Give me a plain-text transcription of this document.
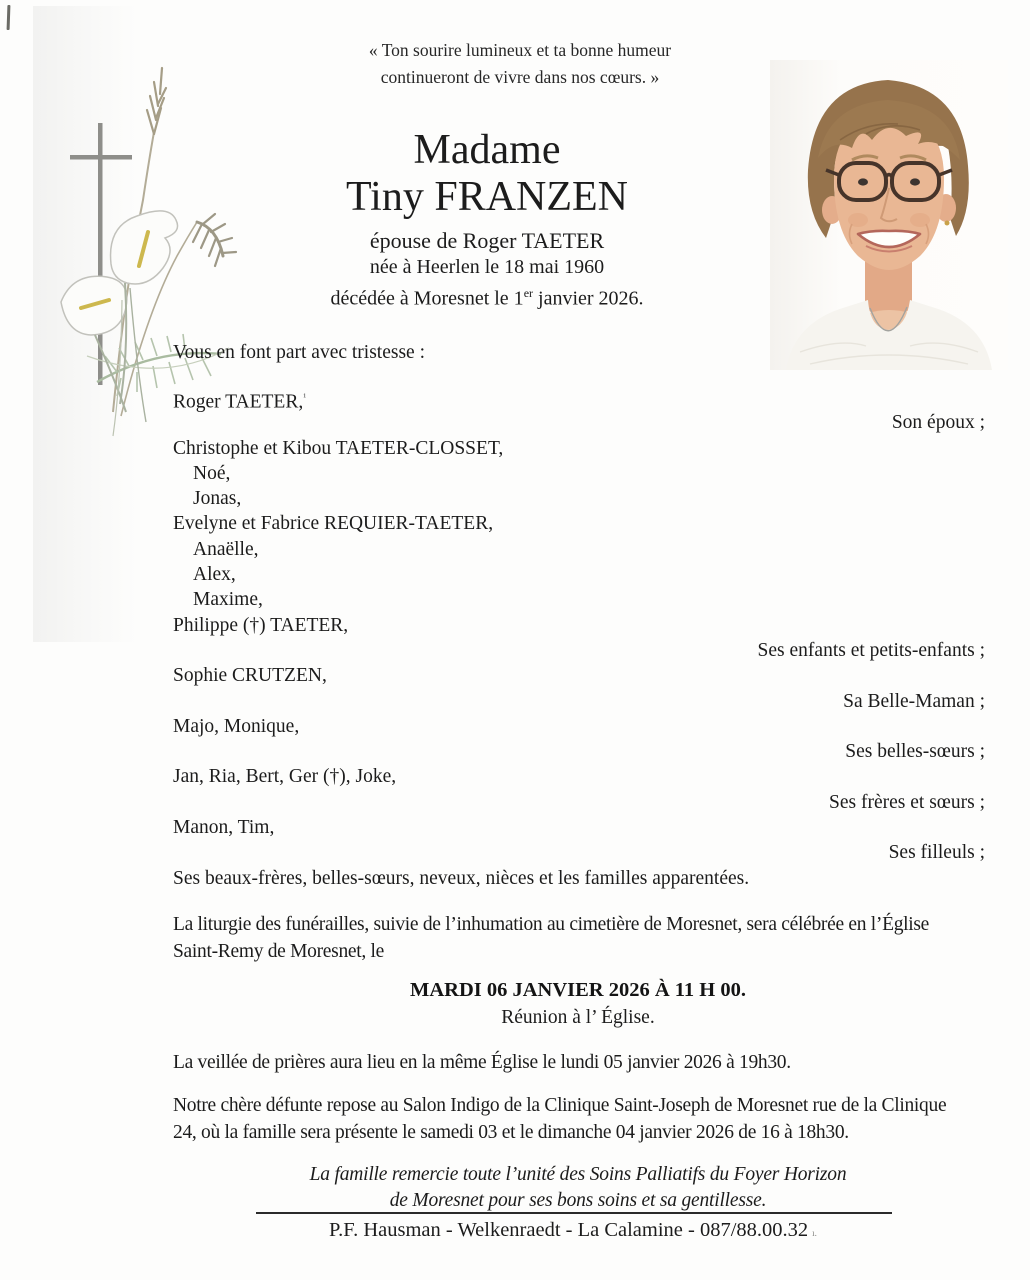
« Ton sourire lumineux et ta bonne humeur
continueront de vivre dans nos cœurs. »
Madame
Tiny FRANZEN
épouse de Roger TAETER
née à Heerlen le 18 mai 1960
décédée à Moresnet le 1er janvier 2026.
Vous en font part avec tristesse :
Roger TAETER,$^{^1}$
Son époux ;
Christophe et Kibou TAETER-CLOSSET,
Noé,
Jonas,
Evelyne et Fabrice REQUIER-TAETER,
Anaëlle,
Alex,
Maxime,
Philippe (†) TAETER,
Ses enfants et petits-enfants ;
Sophie CRUTZEN,
Sa Belle-Maman ;
Majo, Monique,
Ses belles-sœurs ;
Jan, Ria, Bert, Ger (†), Joke,
Ses frères et sœurs ;
Manon, Tim,
Ses filleuls ;
Ses beaux-frères, belles-sœurs, neveux, nièces et les familles apparentées.
La liturgie des funérailles, suivie de l’inhumation au cimetière de Moresnet, sera célébrée en l’Église
Saint-Remy de Moresnet, le
MARDI 06 JANVIER 2026 À 11 H 00.
Réunion à l’ Église.
La veillée de prières aura lieu en la même Église le lundi 05 janvier 2026 à 19h30.
Notre chère défunte repose au Salon Indigo de la Clinique Saint-Joseph de Moresnet rue de la Clinique
24, où la famille sera présente le samedi 03 et le dimanche 04 janvier 2026 de 16 à 18h30.
La famille remercie toute l’unité des Soins Palliatifs du Foyer Horizon
de Moresnet pour ses bons soins et sa gentillesse.
P.F. Hausman - Welkenraedt - La Calamine - 087/88.00.32 ı.
